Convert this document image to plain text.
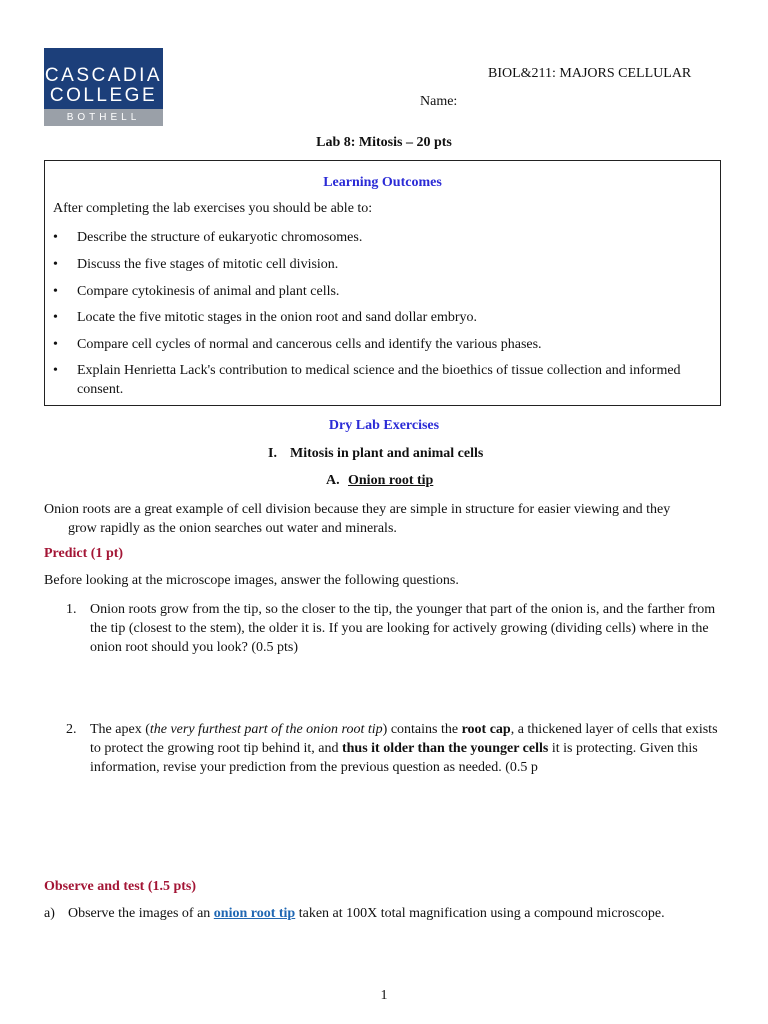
CASCADIA
COLLEGE
BOTHELL
BIOL&211: MAJORS CELLULAR
Name:
Lab 8: Mitosis – 20 pts
Learning Outcomes
After completing the lab exercises you should be able to:
• Describe the structure of eukaryotic chromosomes.
• Discuss the five stages of mitotic cell division.
• Compare cytokinesis of animal and plant cells.
• Locate the five mitotic stages in the onion root and sand dollar embryo.
• Compare cell cycles of normal and cancerous cells and identify the various phases.
• Explain Henrietta Lack's contribution to medical science and the bioethics of tissue collection and informed consent.
Dry Lab Exercises
I. Mitosis in plant and animal cells
A. Onion root tip
Onion roots are a great example of cell division because they are simple in structure for easier viewing and they
grow rapidly as the onion searches out water and minerals.
Predict (1 pt)
Before looking at the microscope images, answer the following questions.
1. Onion roots grow from the tip, so the closer to the tip, the younger that part of the onion is, and the farther from the tip (closest to the stem), the older it is. If you are looking for actively growing (dividing cells) where in the onion root should you look? (0.5 pts)
2. The apex (the very furthest part of the onion root tip) contains the root cap, a thickened layer of cells that exists to protect the growing root tip behind it, and thus it older than the younger cells it is protecting. Given this information, revise your prediction from the previous question as needed. (0.5 p
Observe and test (1.5 pts)
a) Observe the images of an onion root tip taken at 100X total magnification using a compound microscope.
1
